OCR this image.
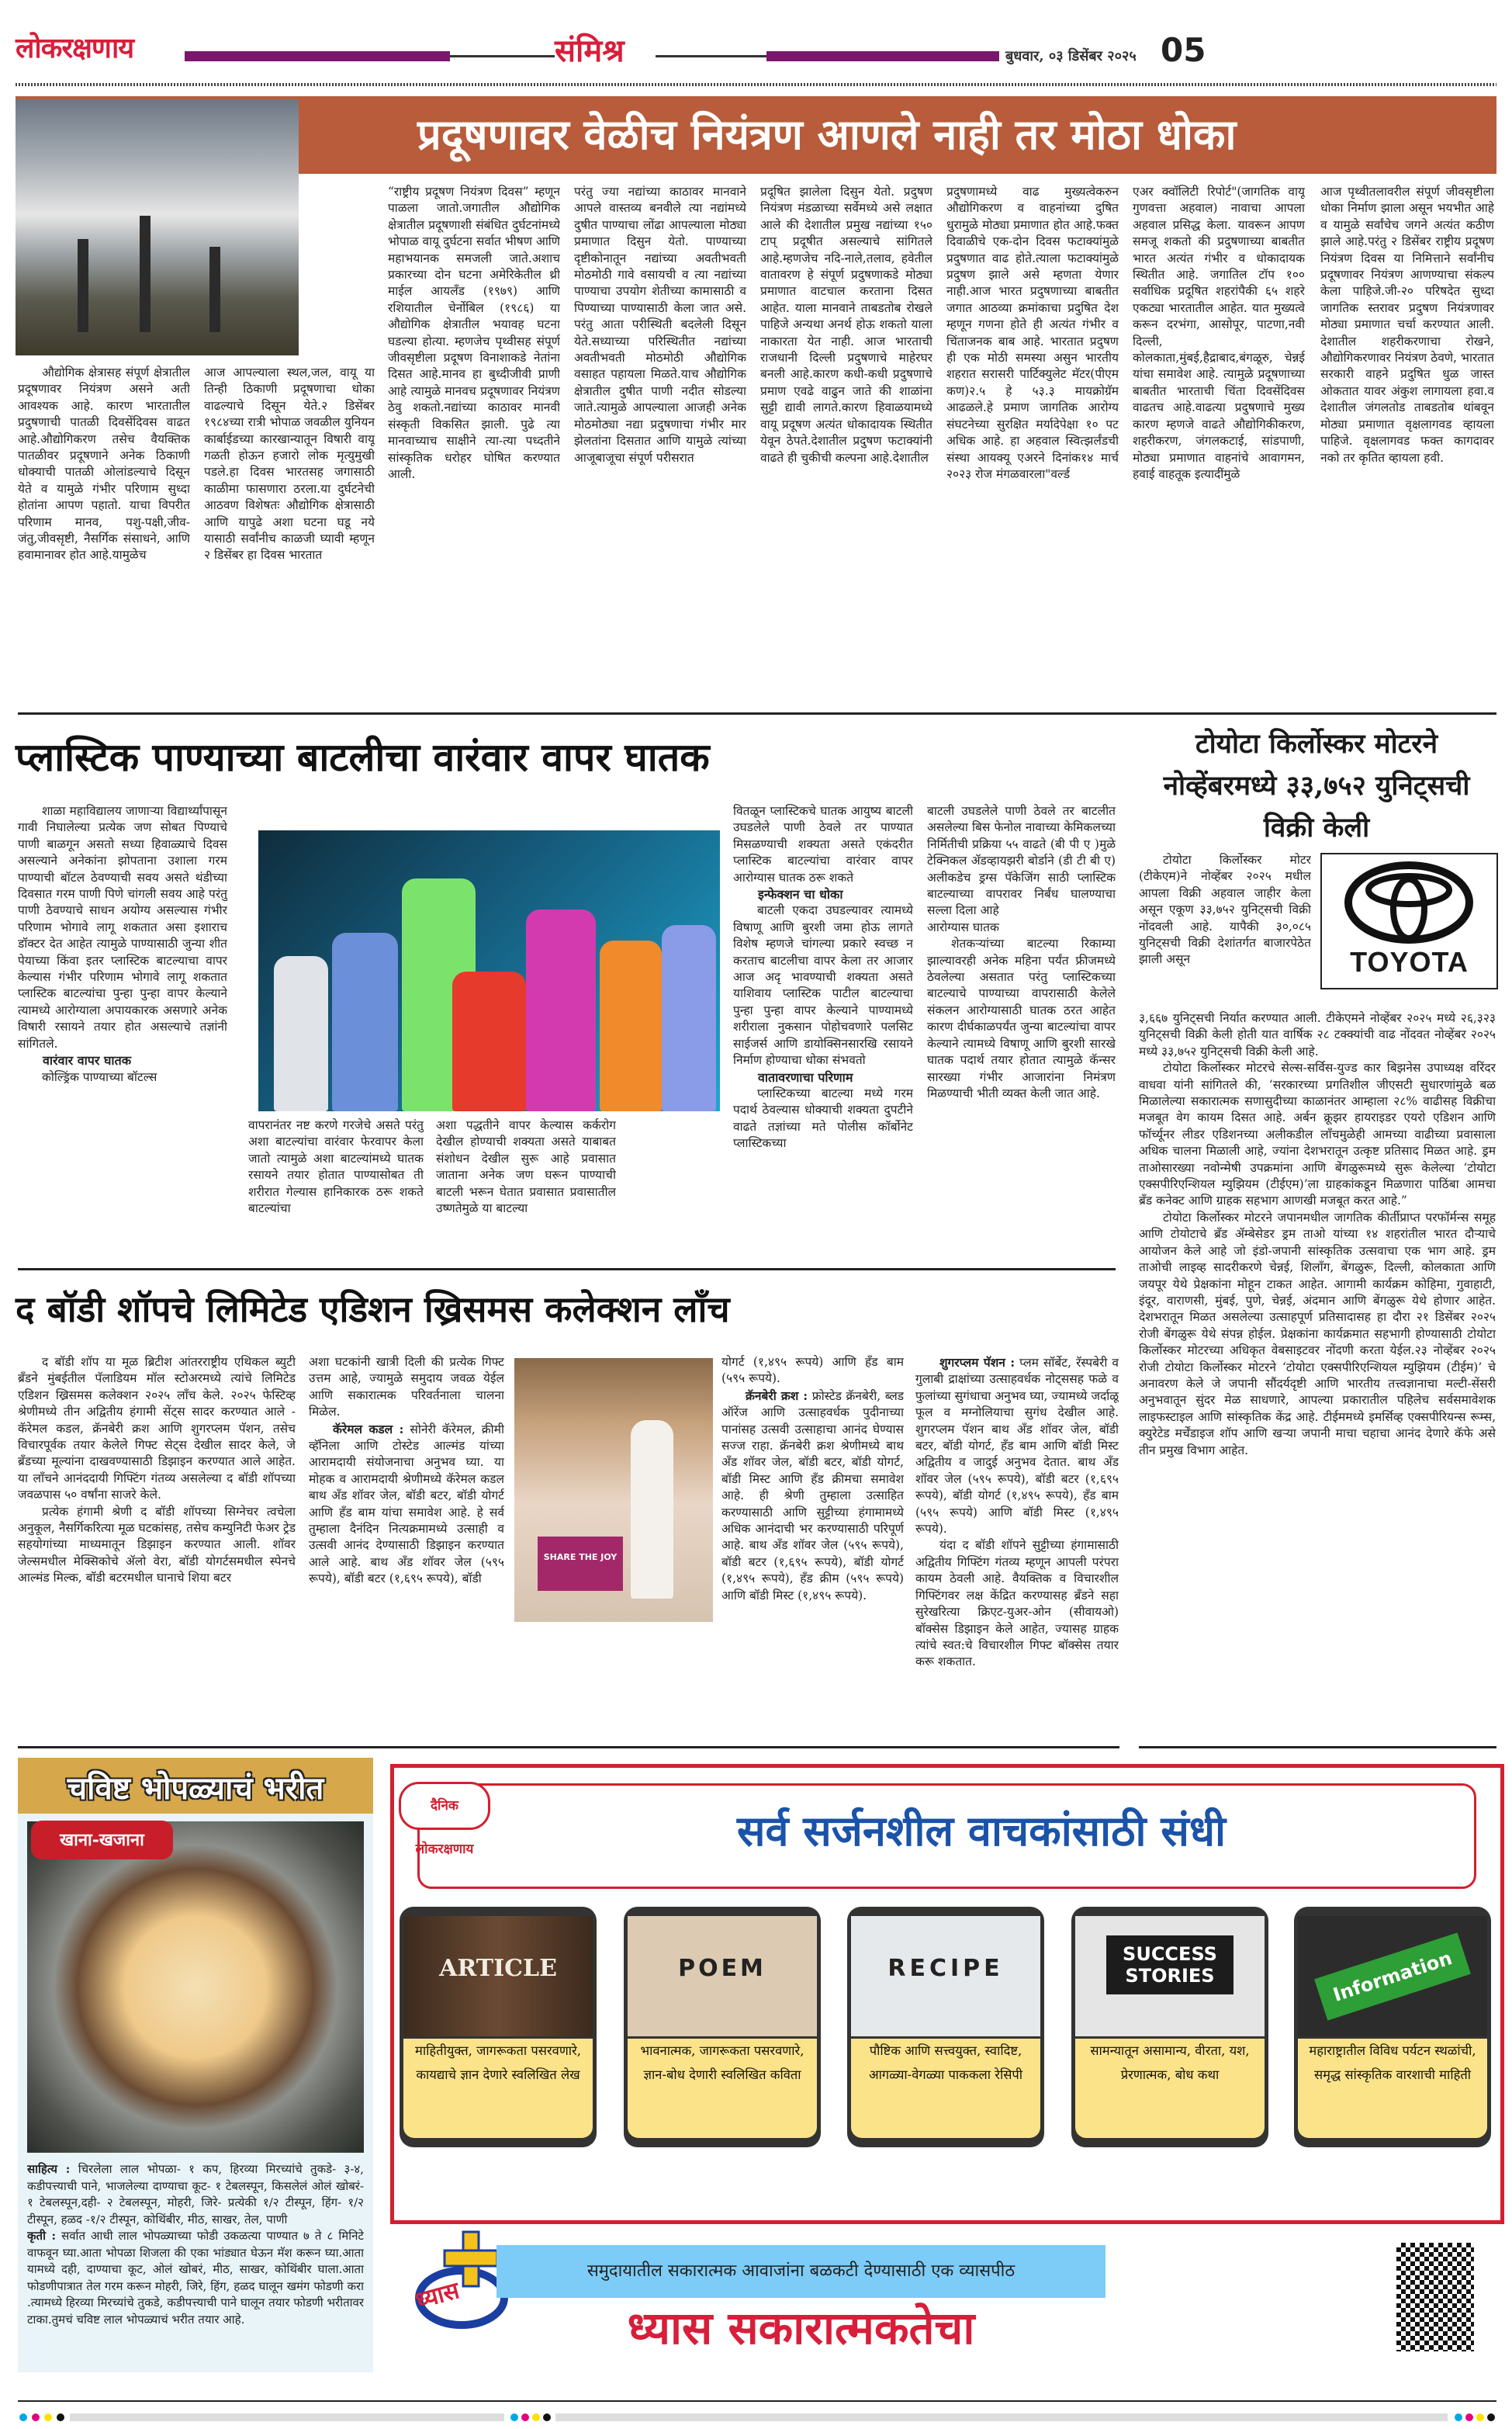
लोकरक्षणाय	संमिश्र	बुधवार, ०३ डिसेंबर २०२५ 05
प्रदूषणावर वेळीच नियंत्रण आणले नाही तर मोठा धोका

औद्योगिक क्षेत्रासह संपूर्ण क्षेत्रातील प्रदूषणावर नियंत्रण असने अती आवश्यक आहे. कारण भारतातील प्रदुषणाची पातळी दिवसेंदिवस वाढत आहे.औद्योगिकरण तसेच वैयक्तिक पातळीवर प्रदूषणाने अनेक ठिकाणी धोक्याची पातळी ओलांडल्याचे दिसून येते व यामुळे गंभीर परिणाम सुध्दा होतांना आपण पहातो. याचा विपरीत परिणाम मानव, पशु-पक्षी,जीव-जंतु,जीवसृष्टी, नैसर्गिक संसाधने, आणि हवामानावर होत आहे.यामुळेच

आज आपल्याला स्थल,जल, वायू या तिन्ही ठिकाणी प्रदूषणाचा धोका वाढल्याचे दिसून येते.२ डिसेंबर १९८४च्या रात्री भोपाळ जवळील युनियन कार्बाईडच्या कारखान्यातून विषारी वायू गळती होऊन हजारो लोक मृत्युमुखी पडले.हा दिवस भारतसह जगासाठी काळीमा फासणारा ठरला.या दुर्घटनेची आठवण विशेषतः औद्योगिक क्षेत्रासाठी आणि यापुढे अशा घटना घडू नये यासाठी सर्वांनीच काळजी घ्यावी म्हणून २ डिसेंबर हा दिवस भारतात

“राष्ट्रीय प्रदूषण नियंत्रण दिवस” म्हणून पाळला जातो.जगातील औद्योगिक क्षेत्रातील प्रदूषणाशी संबंधित दुर्घटनांमध्ये भोपाळ वायू दुर्घटना सर्वात भीषण आणि महाभयानक समजली जाते.अशाच प्रकारच्या दोन घटना अमेरिकेतील थ्री माईल आयलॅंड (१९७९) आणि रशियातील चेर्नोबिल (१९८६) या औद्योगिक क्षेत्रातील भयावह घटना घडल्या होत्या. म्हणजेच पृथ्वीसह संपूर्ण जीवसृष्टीला प्रदूषण विनाशाकडे नेतांना दिसत आहे.मानव हा बुध्दीजीवी प्राणी आहे त्यामुळे मानवच प्रदूषणावर नियंत्रण ठेवु शकतो.नद्यांच्या काठावर मानवी संस्कृती विकसित झाली. पुढे त्या मानवाच्याच साक्षीने त्या-त्या पध्दतीने सांस्कृतिक धरोहर घोषित करण्यात आली.

परंतु ज्या नद्यांच्या काठावर मानवाने आपले वास्तव्य बनवीले त्या नद्यांमध्ये दुषीत पाण्याचा लोंढा आपल्याला मोठ्या प्रमाणात दिसुन येतो. पाण्याच्या दृष्टीकोनातून नद्यांच्या अवतीभवती मोठमोठी गावे वसायची व त्या नद्यांच्या पाण्याचा उपयोग शेतीच्या कामासाठी व पिण्याच्या पाण्यासाठी केला जात असे. परंतु आता परीस्थिती बदलेली दिसून येते.सध्याच्या परिस्थितीत नद्यांच्या अवतीभवती मोठमोठी औद्योगिक वसाहत पहायला मिळते.याच औद्योगिक क्षेत्रातील दुषीत पाणी नदीत सोडल्या जाते.त्यामुळे आपल्याला आजही अनेक मोठमोठ्या नद्या प्रदुषणाचा गंभीर मार झेलतांना दिसतात आणि यामुळे त्यांच्या आजूबाजूचा संपूर्ण परीसरात

प्रदूषित झालेला दिसुन येतो. प्रदुषण नियंत्रण मंडळाच्या सर्वेमध्ये असे लक्षात आले की देशातील प्रमुख नद्यांच्या १५० टाप् प्रदूषीत असल्याचे सांगितले आहे.म्हणजेच नदि-नाले,तलाव, हवेतील वातावरण हे संपूर्ण प्रदुषणाकडे मोठ्या प्रमाणात वाटचाल करताना दिसत आहेत. याला मानवाने ताबडतोब रोखले पाहिजे अन्यथा अनर्थ होऊ शकतो याला नाकारता येत नाही. आज भारताची राजधानी दिल्ली प्रदुषणाचे माहेरघर बनली आहे.कारण कधी-कधी प्रदुषणाचे प्रमाण एवढे वाढुन जाते की शाळांना सुट्टी द्यावी लागते.कारण हिवाळयामध्ये वायू प्रदूषण अत्यंत धोकादायक स्थितीत येवून ठेपते.देशातील प्रदुषण फटाक्यांनी वाढते ही चुकीची कल्पना आहे.देशातील

प्रदुषणामध्ये वाढ मुख्यत्वेकरुन औद्योगिकरण व वाहनांच्या दुषित धुरामुळे मोठ्या प्रमाणात होत आहे.फक्त दिवाळीचे एक-दोन दिवस फटाक्यांमुळे प्रदुषणात वाढ होते.त्याला फटाक्यांमुळे प्रदुषण झाले असे म्हणता येणार नाही.आज भारत प्रदुषणाच्या बाबतीत जगात आठव्या क्रमांकाचा प्रदुषित देश म्हणून गणना होते ही अत्यंत गंभीर व चिंताजनक बाब आहे. भारतात प्रदुषण ही एक मोठी समस्या असुन भारतीय शहरात सरासरी पार्टिक्युलेट मॅटर(पीएम कण)२.५ हे ५३.३ मायक्रोग्रॅम आढळले.हे प्रमाण जागतिक आरोग्य संघटनेच्या सुरक्षित मर्यादेपेक्षा १० पट अधिक आहे. हा अहवाल स्वित्झर्लंडची संस्था आयक्यू एअरने दिनांक१४ मार्च २०२३ रोज मंगळवारला"वर्ल्ड

एअर क्वॉलिटी रिपोर्ट"(जागतिक वायू गुणवत्ता अहवाल) नावाचा आपला अहवाल प्रसिद्ध केला. यावरून आपण समजू शकतो की प्रदुषणाच्या बाबतीत भारत अत्यंत गंभीर व धोकादायक स्थितीत आहे. जगातिल टॉप १०० सर्वाधिक प्रदूषित शहरांपैकी ६५ शहरे एकट्या भारतातील आहेत. यात मुख्यत्वे करून दरभंगा, आसोपूर, पाटणा,नवी दिल्ली, कोलकाता,मुंबई,हैद्राबाद,बंगळूरु, चेन्नई यांचा समावेश आहे. त्यामुळे प्रदूषणाच्या बाबतीत भारताची चिंता दिवसेंदिवस वाढतच आहे.वाढत्या प्रदुषणाचे मुख्य कारण म्हणजे वाढते औद्योगिकीकरण, शहरीकरण, जंगलकटाई, सांडपाणी, मोठ्या प्रमाणात वाहनांचे आवागमन, हवाई वाहतूक इत्यादींमुळे

आज पृथ्वीतलावरील संपूर्ण जीवसृष्टीला धोका निर्माण झाला असून भयभीत आहे व यामुळे सर्वांचेच जगने अत्यंत कठीण झाले आहे.परंतु २ डिसेंबर राष्ट्रीय प्रदूषण नियंत्रण दिवस या निमित्ताने सर्वांनीच प्रदूषणावर नियंत्रण आणण्याचा संकल्प केला पाहिजे.जी-२० परिषदेत सुध्दा जागतिक स्तरावर प्रदुषण नियंत्रणावर मोठ्या प्रमाणात चर्चा करण्यात आली. देशातील शहरीकरणाचा रोखने, औद्योगिकरणावर नियंत्रण ठेवणे, भारतात सरकारी वाहने प्रदुषित धुळ जास्त ओकतात यावर अंकुश लागायला हवा.व देशातील जंगलतोड ताबडतोब थांबवून मोठ्या प्रमाणात वृक्षलागवड व्हायला पाहिजे. वृक्षलागवड फक्त कागदावर नको तर कृतित व्हायला हवी.

प्लास्टिक पाण्याच्या बाटलीचा वारंवार वापर घातक

शाळा महाविद्यालय जाणाऱ्या विद्यार्थ्यांपासून गावी निघालेल्या प्रत्येक जण सोबत पिण्याचे पाणी बाळगून असतो सध्या हिवाळ्याचे दिवस असल्याने अनेकांना झोपताना उशाला गरम पाण्याची बॉटल ठेवण्याची सवय असते थंडीच्या दिवसात गरम पाणी पिणे चांगली सवय आहे परंतु पाणी ठेवण्याचे साधन अयोग्य असल्यास गंभीर परिणाम भोगावे लागू शकतात असा इशाराच डॉक्टर देत आहेत त्यामुळे पाण्यासाठी जुन्या शीत पेयाच्या किंवा इतर प्लास्टिक बाटल्याचा वापर केल्यास गंभीर परिणाम भोगावे लागू शकतात प्लास्टिक बाटल्यांचा पुन्हा पुन्हा वापर केल्याने त्यामध्ये आरोग्याला अपायकारक असणारे अनेक विषारी रसायने तयार होत असल्याचे तज्ञांनी सांगितले.

वारंवार वापर घातक

कोल्ड्रिंक पाण्याच्या बॉटल्स

वापरानंतर नष्ट करणे गरजेचे असते परंतु अशा बाटल्यांचा वारंवार फेरवापर केला जातो त्यामुळे अशा बाटल्यांमध्ये घातक रसायने तयार होतात पाण्यासोबत ती शरीरात गेल्यास हानिकारक ठरू शकते बाटल्यांचा

अशा पद्धतीने वापर केल्यास कर्करोग देखील होण्याची शक्यता असते याबाबत संशोधन देखील सुरू आहे प्रवासात जाताना अनेक जण घरून पाण्याची बाटली भरून घेतात प्रवासात प्रवासातील उष्णतेमुळे या बाटल्या

वितळून प्लास्टिकचे घातक आयुष्य बाटली उघडलेले पाणी ठेवले तर पाण्यात मिसळण्याची शक्यता असते एकंदरीत प्लास्टिक बाटल्यांचा वारंवार वापर आरोग्यास घातक ठरू शकते

इन्फेक्शन चा धोका

बाटली एकदा उघडल्यावर त्यामध्ये विषाणू आणि बुरशी जमा होऊ लागते विशेष म्हणजे चांगल्या प्रकारे स्वच्छ न करताच बाटलीचा वापर केला तर आजार आज अदृ भावण्याची शक्यता असते याशिवाय प्लास्टिक पाटील बाटल्याचा पुन्हा पुन्हा वापर केल्याने पाण्यामध्ये शरीराला नुकसान पोहोचवणारे पलसिट साईजर्स आणि डायोक्सिनसारखि रसायने निर्माण होण्याचा धोका संभवतो

वातावरणाचा परिणाम

प्लास्टिकच्या बाटल्या मध्ये गरम पदार्थ ठेवल्यास धोक्याची शक्यता दुपटीने वाढते तज्ञांच्या मते पोलीस कॉर्बोनेट प्लास्टिकच्या

बाटली उघडलेले पाणी ठेवले तर बाटलीत असलेल्या बिस फेनोल नावाच्या केमिकलच्या निर्मितीची प्रक्रिया ५५ वाढते (बी पी ए )मुळे टेक्निकल ॲडव्हायझरी बोर्डाने (डी टी बी ए) अलीकडेच ड्रग्स पॅकेजिंग साठी प्लास्टिक बाटल्याच्या वापरावर निर्बंध घालण्याचा सल्ला दिला आहे

आरोग्यास घातक

शेतकऱ्यांच्या बाटल्या रिकाम्या झाल्यावरही अनेक महिना पर्यंत फ्रीजमध्ये ठेवलेल्या असतात परंतु प्लास्टिकच्या बाटल्याचे पाण्याच्या वापरासाठी केलेले संकलन आरोग्यासाठी घातक ठरत आहेत कारण दीर्घकाळपर्यंत जुन्या बाटल्यांचा वापर केल्याने त्यामध्ये विषाणू आणि बुरशी सारखे घातक पदार्थ तयार होतात त्यामुळे कॅन्सर सारख्या गंभीर आजारांना निमंत्रण मिळण्याची भीती व्यक्त केली जात आहे.

टोयोटा किर्लोस्कर मोटरने नोव्हेंबरमध्ये ३३,७५२ युनिट्सची विक्री केली
TOYOTA

टोयोटा किर्लोस्कर मोटर (टीकेएम)ने नोव्हेंबर २०२५ मधील आपला विक्री अहवाल जाहीर केला असून एकूण ३३,७५२ युनिट्सची विक्री नोंदवली आहे. यापैकी ३०,०८५ युनिट्सची विक्री देशांतर्गत बाजारपेठेत झाली असून

३,६६७ युनिट्सची निर्यात करण्यात आली. टीकेएमने नोव्हेंबर २०२५ मध्ये २६,३२३ युनिट्सची विक्री केली होती यात वार्षिक २८ टक्क्यांची वाढ नोंदवत नोव्हेंबर २०२५ मध्ये ३३,७५२ युनिट्सची विक्री केली आहे.

टोयोटा किर्लोस्कर मोटरचे सेल्स-सर्विस-युज्ड कार बिझनेस उपाध्यक्ष वरिंदर वाधवा यांनी सांगितले की, ‘सरकारच्या प्रगतिशील जीएसटी सुधारणांमुळे बळ मिळालेल्या सकारात्मक सणासुदीच्या काळानंतर आम्हाला २८% वाढीसह विक्रीचा मजबूत वेग कायम दिसत आहे. अर्बन क्रूझर हायराइडर एयरो एडिशन आणि फॉर्च्यूनर लीडर एडिशनच्या अलीकडील लाँचमुळेही आमच्या वाढीच्या प्रवासाला अधिक चालना मिळाली आहे, ज्यांना देशभरातून उत्कृष्ट प्रतिसाद मिळत आहे. ड्रम ताओसारख्या नवोन्मेषी उपक्रमांना आणि बेंगळुरूमध्ये सुरू केलेल्या ‘टोयोटा एक्सपीरिएन्शियल म्युझियम (टीईएम)’ला ग्राहकांकडून मिळणारा पाठिंबा आमचा ब्रँड कनेक्ट आणि ग्राहक सहभाग आणखी मजबूत करत आहे.”

टोयोटा किर्लोस्कर मोटरने जपानमधील जागतिक कीर्तीप्राप्त परफॉर्मन्स समूह आणि टोयोटाचे ब्रँड ॲम्बेसेडर ड्रम ताओ यांच्या १४ शहरांतील भारत दौऱ्याचे आयोजन केले आहे जो इंडो-जपानी सांस्कृतिक उत्सवाचा एक भाग आहे. ड्रम ताओची लाइव्ह सादरीकरणे चेन्नई, शिलाँग, बेंगळुरू, दिल्ली, कोलकाता आणि जयपूर येथे प्रेक्षकांना मोहून टाकत आहेत. आगामी कार्यक्रम कोहिमा, गुवाहाटी, इंदूर, वाराणसी, मुंबई, पुणे, चेन्नई, अंदमान आणि बेंगळुरू येथे होणार आहेत. देशभरातून मिळत असलेल्या उत्साहपूर्ण प्रतिसादासह हा दौरा २१ डिसेंबर २०२५ रोजी बेंगळुरू येथे संपन्न होईल. प्रेक्षकांना कार्यक्रमात सहभागी होण्यासाठी टोयोटा किर्लोस्कर मोटरच्या अधिकृत वेबसाइटवर नोंदणी करता येईल.२३ नोव्हेंबर २०२५ रोजी टोयोटा किर्लोस्कर मोटरने ‘टोयोटा एक्सपीरिएन्शियल म्युझियम (टीईम)’ चे अनावरण केले जे जपानी सौंदर्यदृष्टी आणि भारतीय तत्त्वज्ञानाचा मल्टी-सेंसरी अनुभवातून सुंदर मेळ साधणारे, आपल्या प्रकारातील पहिलेच सर्वसमावेशक लाइफस्टाइल आणि सांस्कृतिक केंद्र आहे. टीईममध्ये इमर्सिव्ह एक्सपीरियन्स रूम्स, क्युरेटेड मर्चेंडाइज शॉप आणि खऱ्या जपानी माचा चहाचा आनंद देणारे कॅफे असे तीन प्रमुख विभाग आहेत.

द बॉडी शॉपचे लिमिटेड एडिशन ख्रिसमस कलेक्शन लाँच

द बॉडी शॉप या मूळ ब्रिटीश आंतरराष्ट्रीय एथिकल ब्युटी ब्रँडने मुंबईतील पॅलाडियम मॉल स्टोअरमध्ये त्यांचे लिमिटेड एडिशन ख्रिसमस कलेक्शन २०२५ लाँच केले. २०२५ फेस्टिव्ह श्रेणीमध्ये तीन अद्वितीय हंगामी सेंट्स सादर करण्यात आले - कॅरेमल कडल, क्रॅनबेरी क्रश आणि शुगरप्लम पॅशन, तसेच विचारपूर्वक तयार केलेले गिफ्ट सेट्स देखील सादर केले, जे ब्रँडच्या मूल्यांना दाखवण्यासाठी डिझाइन करण्यात आले आहेत. या लाँचने आनंददायी गिफ्टिंग गंतव्य असलेल्या द बॉडी शॉपच्या जवळपास ५० वर्षांना साजरे केले.

प्रत्येक हंगामी श्रेणी द बॉडी शॉपच्या सिग्नेचर त्वचेला अनुकूल, नैसर्गिकरित्या मूळ घटकांसह, तसेच कम्युनिटी फेअर ट्रेड सहयोगांच्या माध्यमातून डिझाइन करण्यात आली. शॉवर जेल्समधील मेक्सिकोचे ॲलो वेरा, बॉडी योगर्टसमधील स्पेनचे आल्मंड मिल्क, बॉडी बटरमधील घानाचे शिया बटर

अशा घटकांनी खात्री दिली की प्रत्येक गिफ्ट उत्तम आहे, ज्यामुळे समुदाय जवळ येईल आणि सकारात्मक परिवर्तनाला चालना मिळेल.

कॅरेमल कडल : सोनेरी कॅरेमल, क्रीमी व्हॅनिला आणि टोस्टेड आल्मंड यांच्या आरामदायी संयोजनाचा अनुभव घ्या. या मोहक व आरामदायी श्रेणीमध्ये कॅरेमल कडल बाथ अँड शॉवर जेल, बॉडी बटर, बॉडी योगर्ट आणि हँड बाम यांचा समावेश आहे. हे सर्व तुम्हाला दैनंदिन नित्यक्रमामध्ये उत्साही व उत्सवी आनंद देण्यासाठी डिझाइन करण्यात आले आहे. बाथ अँड शॉवर जेल (५९५ रूपये), बॉडी बटर (१,६९५ रूपये), बॉडी

SHARE THE JOY

योगर्ट (१,४९५ रूपये) आणि हँड बाम (५९५ रूपये).

क्रॅनबेरी क्रश : फ्रोस्टेड क्रॅनबेरी, ब्लड ऑरेंज आणि उत्साहवर्धक पुदीनाच्या पानांसह उत्सवी उत्साहाचा आनंद घेण्यास सज्ज राहा. क्रॅनबेरी क्रश श्रेणीमध्ये बाथ अँड शॉवर जेल, बॉडी बटर, बॉडी योगर्ट, बॉडी मिस्ट आणि हँड क्रीमचा समावेश आहे. ही श्रेणी तुम्हाला उत्साहित करण्यासाठी आणि सुट्टीच्या हंगामामध्ये अधिक आनंदाची भर करण्यासाठी परिपूर्ण आहे. बाथ अँड शॉवर जेल (५९५ रूपये), बॉडी बटर (१,६९५ रूपये), बॉडी योगर्ट (१,४९५ रूपये), हँड क्रीम (५९५ रूपये) आणि बॉडी मिस्ट (१,४९५ रूपये).

शुगरप्लम पॅशन : प्लम सॉर्बेट, रॅस्पबेरी व गुलाबी द्राक्षांच्या उत्साहवर्धक नोट्ससह फळे व फुलांच्या सुगंधाचा अनुभव घ्या, ज्यामध्ये जर्दाळू फूल व मग्नोलियाचा सुगंध देखील आहे. शुगरप्लम पॅशन बाथ अँड शॉवर जेल, बॉडी बटर, बॉडी योगर्ट, हँड बाम आणि बॉडी मिस्ट अद्वितीय व जादुई अनुभव देतात. बाथ अँड शॉवर जेल (५९५ रूपये), बॉडी बटर (१,६९५ रूपये), बॉडी योगर्ट (१,४९५ रूपये), हँड बाम (५९५ रूपये) आणि बॉडी मिस्ट (१,४९५ रूपये).

यंदा द बॉडी शॉपने सुट्टीच्या हंगामासाठी अद्वितीय गिफ्टिंग गंतव्य म्हणून आपली परंपरा कायम ठेवली आहे. वैयक्तिक व विचारशील गिफ्टिंगवर लक्ष केंद्रित करण्यासह ब्रँडने सहा सुरेखरित्या क्रिएट-युअर-ओन (सीवायओ) बॉक्सेस डिझाइन केले आहेत, ज्यासह ग्राहक त्यांचे स्वत:चे विचारशील गिफ्ट बॉक्सेस तयार करू शकतात.

चविष्ट भोपळ्याचं भरीत
खाना-खजाना

साहित्य : चिरलेला लाल भोपळा- १ कप, हिरव्या मिरच्यांचे तुकडे- ३-४, कडीपत्त्याची पाने, भाजलेल्या दाण्याचा कूट- १ टेबलस्पून, किसलेलं ओलं खोबरं- १ टेबलस्पून,दही- २ टेबलस्पून, मोहरी, जिरे- प्रत्येकी १/२ टीस्पून, हिंग- १/२ टीस्पून, हळद -१/२ टीस्पून, कोथिंबीर, मीठ, साखर, तेल, पाणी

कृती : सर्वात आधी लाल भोपळ्याच्या फोडी उकळत्या पाण्यात ७ ते ८ मिनिटे वाफवून घ्या.आता भोपळा शिजला की एका भांड्यात घेऊन मॅश करून घ्या.आता यामध्ये दही, दाण्याचा कूट, ओलं खोबरं, मीठ, साखर, कोथिंबीर घाला.आता फोडणीपात्रात तेल गरम करून मोहरी, जिरे, हिंग, हळद घालून खमंग फोडणी करा .त्यामध्ये हिरव्या मिरच्यांचे तुकडे, कडीपत्त्याची पाने घालून तयार फोडणी भरीतावर टाका.तुमचं चविष्ट लाल भोपळ्याचं भरीत तयार आहे.

दैनिक लोकरक्षणाय	सर्व सर्जनशील वाचकांसाठी संधी
ARTICLE
माहितीयुक्त, जागरूकता पसरवणारे, कायद्याचे ज्ञान देणारे स्वलिखित लेख
POEM
भावनात्मक, जागरूकता पसरवणारे, ज्ञान-बोध देणारी स्वलिखित कविता
RECIPE
पौष्टिक आणि सत्त्वयुक्त, स्वादिष्ट, आगळ्या-वेगळ्या पाककला रेसिपी
SUCCESS STORIES
सामन्यातून असामान्य, वीरता, यश, प्रेरणात्मक, बोध कथा
Information
महाराष्ट्रातील विविध पर्यटन स्थळांची, समृद्ध सांस्कृतिक वारशाची माहिती
ध्यास
समुदायातील सकारात्मक आवाजांना बळकटी देण्यासाठी एक व्यासपीठ
ध्यास सकारात्मकतेचा
